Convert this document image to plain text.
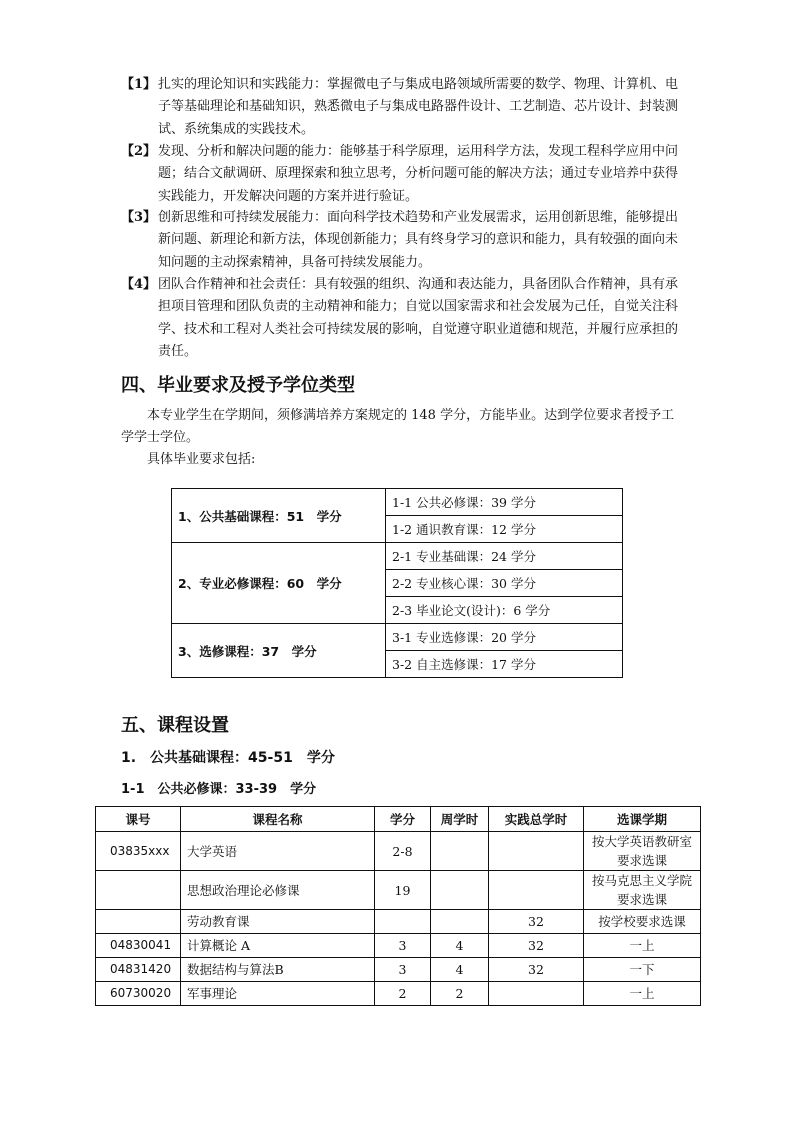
【1】 扎实的理论知识和实践能力：掌握微电子与集成电路领域所需要的数学、物理、计算机、电子等基础理论和基础知识，熟悉微电子与集成电路器件设计、工艺制造、芯片设计、封装测试、系统集成的实践技术。
【2】 发现、分析和解决问题的能力：能够基于科学原理，运用科学方法，发现工程科学应用中问题；结合文献调研、原理探索和独立思考，分析问题可能的解决方法；通过专业培养中获得实践能力，开发解决问题的方案并进行验证。
【3】 创新思维和可持续发展能力：面向科学技术趋势和产业发展需求，运用创新思维，能够提出新问题、新理论和新方法，体现创新能力；具有终身学习的意识和能力，具有较强的面向未知问题的主动探索精神，具备可持续发展能力。
【4】 团队合作精神和社会责任：具有较强的组织、沟通和表达能力，具备团队合作精神，具有承担项目管理和团队负责的主动精神和能力；自觉以国家需求和社会发展为己任，自觉关注科学、技术和工程对人类社会可持续发展的影响，自觉遵守职业道德和规范，并履行应承担的责任。
四、毕业要求及授予学位类型
本专业学生在学期间，须修满培养方案规定的 148 学分，方能毕业。达到学位要求者授予工学学士学位。
具体毕业要求包括:
1、公共基础课程：51　学分	1-1 公共必修课：39 学分
	1-2 通识教育课：12 学分
2、专业必修课程：60　学分	2-1 专业基础课：24 学分
	2-2 专业核心课：30 学分
	2-3 毕业论文(设计)：6 学分
3、选修课程：37　学分	3-1 专业选修课：20 学分
	3-2 自主选修课：17 学分
五、课程设置
1.　公共基础课程：45-51　学分
1-1　公共必修课：33-39　学分
课号	课程名称	学分	周学时	实践总学时	选课学期
03835xxx	大学英语	2-8			按大学英语教研室要求选课
	思想政治理论必修课	19			按马克思主义学院要求选课
	劳动教育课			32	按学校要求选课
04830041	计算概论 A	3	4	32	一上
04831420	数据结构与算法B	3	4	32	一下
60730020	军事理论	2	2		一上
